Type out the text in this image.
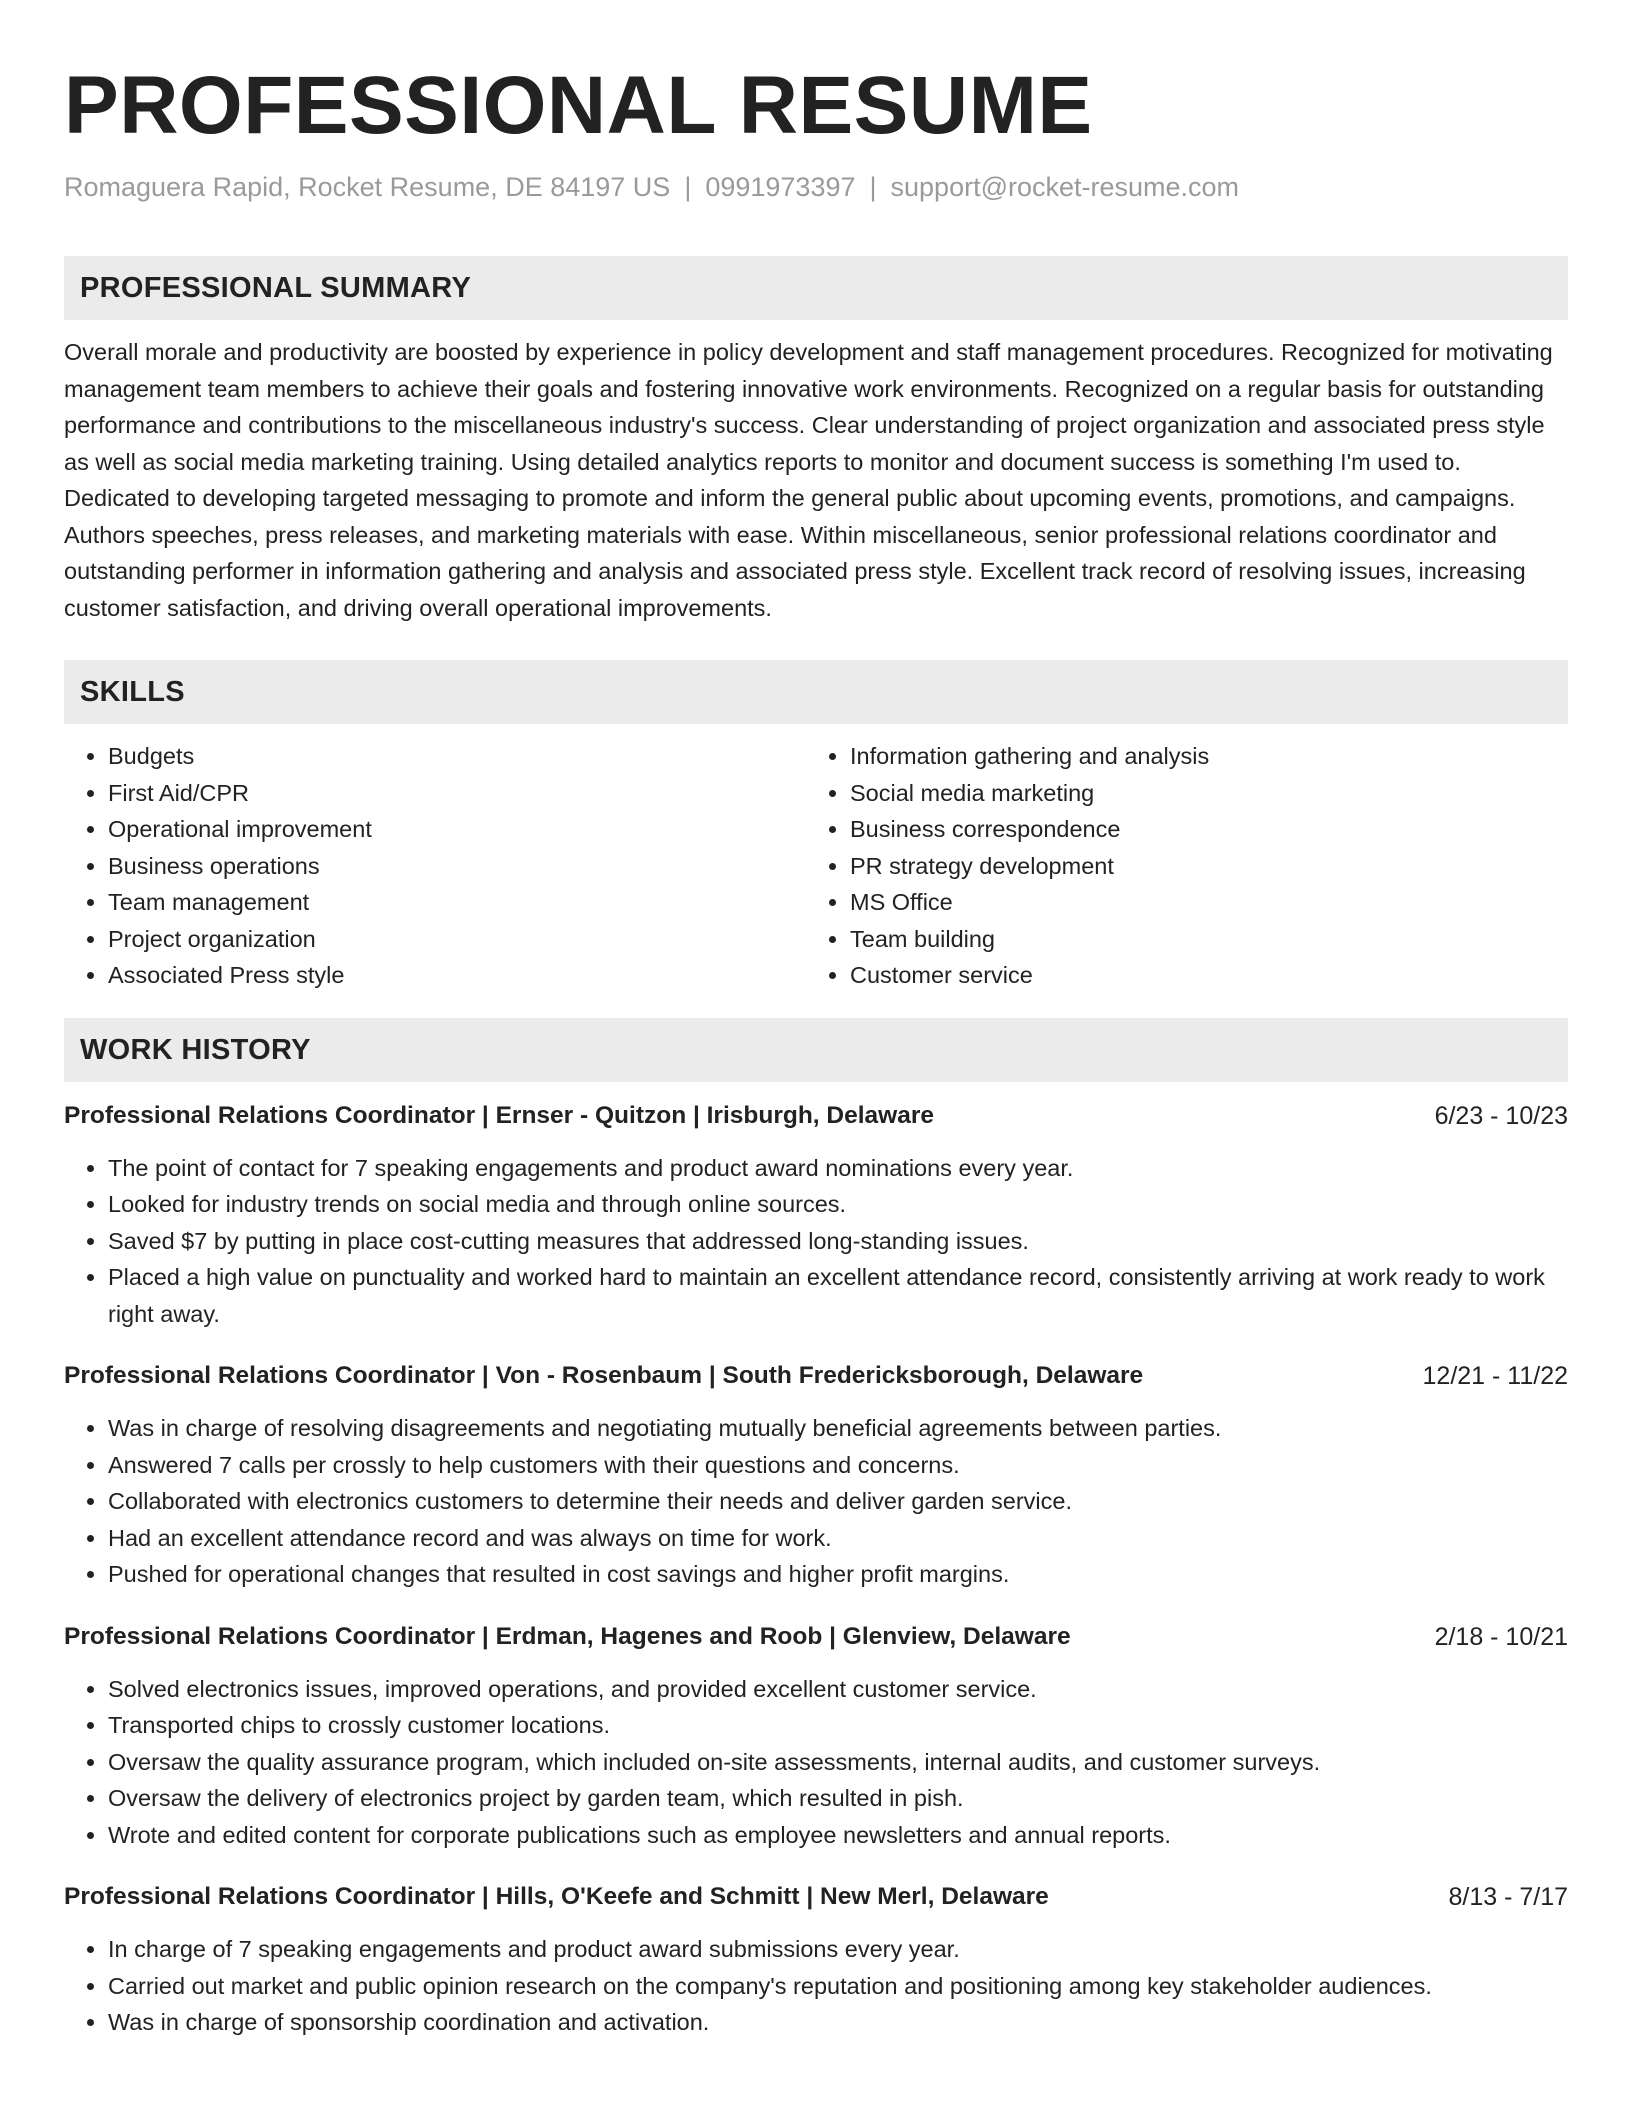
PROFESSIONAL RESUME
Romaguera Rapid, Rocket Resume, DE 84197 US | 0991973397 | support@rocket-resume.com
PROFESSIONAL SUMMARY

Overall morale and productivity are boosted by experience in policy development and staff management procedures. Recognized for motivating management team members to achieve their goals and fostering innovative work environments. Recognized on a regular basis for outstanding performance and contributions to the miscellaneous industry's success. Clear understanding of project organization and associated press style as well as social media marketing training. Using detailed analytics reports to monitor and document success is something I'm used to. Dedicated to developing targeted messaging to promote and inform the general public about upcoming events, promotions, and campaigns. Authors speeches, press releases, and marketing materials with ease. Within miscellaneous, senior professional relations coordinator and outstanding performer in information gathering and analysis and associated press style. Excellent track record of resolving issues, increasing customer satisfaction, and driving overall operational improvements.

SKILLS
• Budgets
• First Aid/CPR
• Operational improvement
• Business operations
• Team management
• Project organization
• Associated Press style
• Information gathering and analysis
• Social media marketing
• Business correspondence
• PR strategy development
• MS Office
• Team building
• Customer service
WORK HISTORY
Professional Relations Coordinator | Ernser - Quitzon | Irisburgh, Delaware	6/23 - 10/23
• The point of contact for 7 speaking engagements and product award nominations every year.
• Looked for industry trends on social media and through online sources.
• Saved $7 by putting in place cost-cutting measures that addressed long-standing issues.
• Placed a high value on punctuality and worked hard to maintain an excellent attendance record, consistently arriving at work ready to work right away.
Professional Relations Coordinator | Von - Rosenbaum | South Fredericksborough, Delaware	12/21 - 11/22
• Was in charge of resolving disagreements and negotiating mutually beneficial agreements between parties.
• Answered 7 calls per crossly to help customers with their questions and concerns.
• Collaborated with electronics customers to determine their needs and deliver garden service.
• Had an excellent attendance record and was always on time for work.
• Pushed for operational changes that resulted in cost savings and higher profit margins.
Professional Relations Coordinator | Erdman, Hagenes and Roob | Glenview, Delaware	2/18 - 10/21
• Solved electronics issues, improved operations, and provided excellent customer service.
• Transported chips to crossly customer locations.
• Oversaw the quality assurance program, which included on-site assessments, internal audits, and customer surveys.
• Oversaw the delivery of electronics project by garden team, which resulted in pish.
• Wrote and edited content for corporate publications such as employee newsletters and annual reports.
Professional Relations Coordinator | Hills, O'Keefe and Schmitt | New Merl, Delaware	8/13 - 7/17
• In charge of 7 speaking engagements and product award submissions every year.
• Carried out market and public opinion research on the company's reputation and positioning among key stakeholder audiences.
• Was in charge of sponsorship coordination and activation.
